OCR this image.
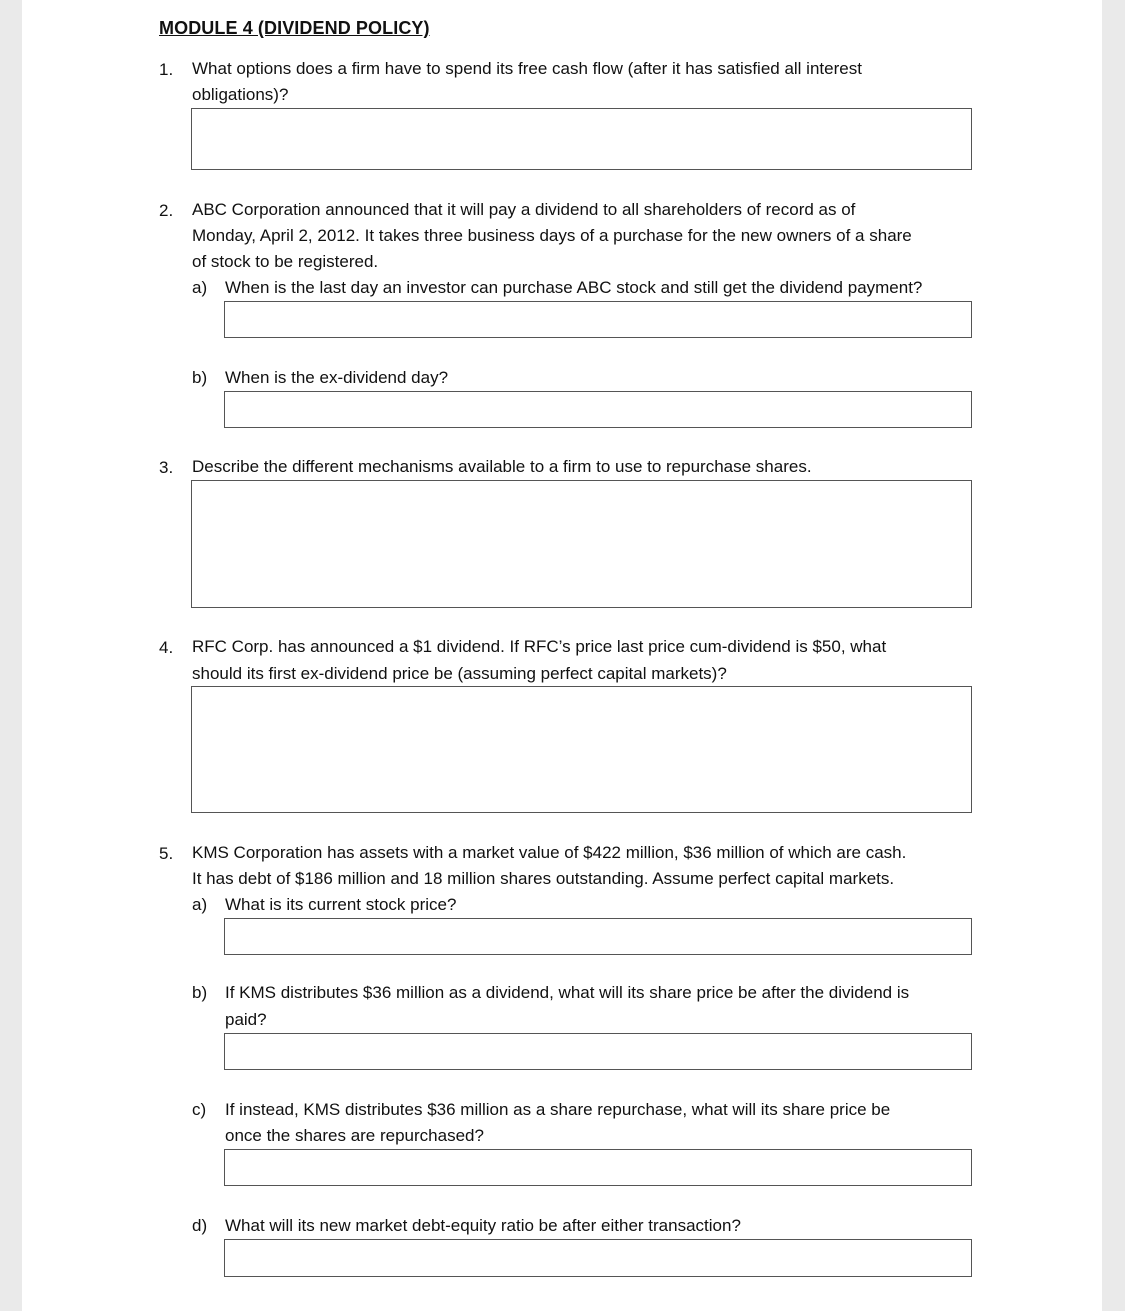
MODULE 4 (DIVIDEND POLICY)
1. What options does a firm have to spend its free cash flow (after it has satisfied all interest
obligations)?
2. ABC Corporation announced that it will pay a dividend to all shareholders of record as of
Monday, April 2, 2012. It takes three business days of a purchase for the new owners of a share
of stock to be registered.
a) When is the last day an investor can purchase ABC stock and still get the dividend payment?
b) When is the ex-dividend day?
3. Describe the different mechanisms available to a firm to use to repurchase shares.
4. RFC Corp. has announced a $1 dividend. If RFC’s price last price cum-dividend is $50, what
should its first ex-dividend price be (assuming perfect capital markets)?
5. KMS Corporation has assets with a market value of $422 million, $36 million of which are cash.
It has debt of $186 million and 18 million shares outstanding. Assume perfect capital markets.
a) What is its current stock price?
b) If KMS distributes $36 million as a dividend, what will its share price be after the dividend is
paid?
c) If instead, KMS distributes $36 million as a share repurchase, what will its share price be
once the shares are repurchased?
d) What will its new market debt-equity ratio be after either transaction?
